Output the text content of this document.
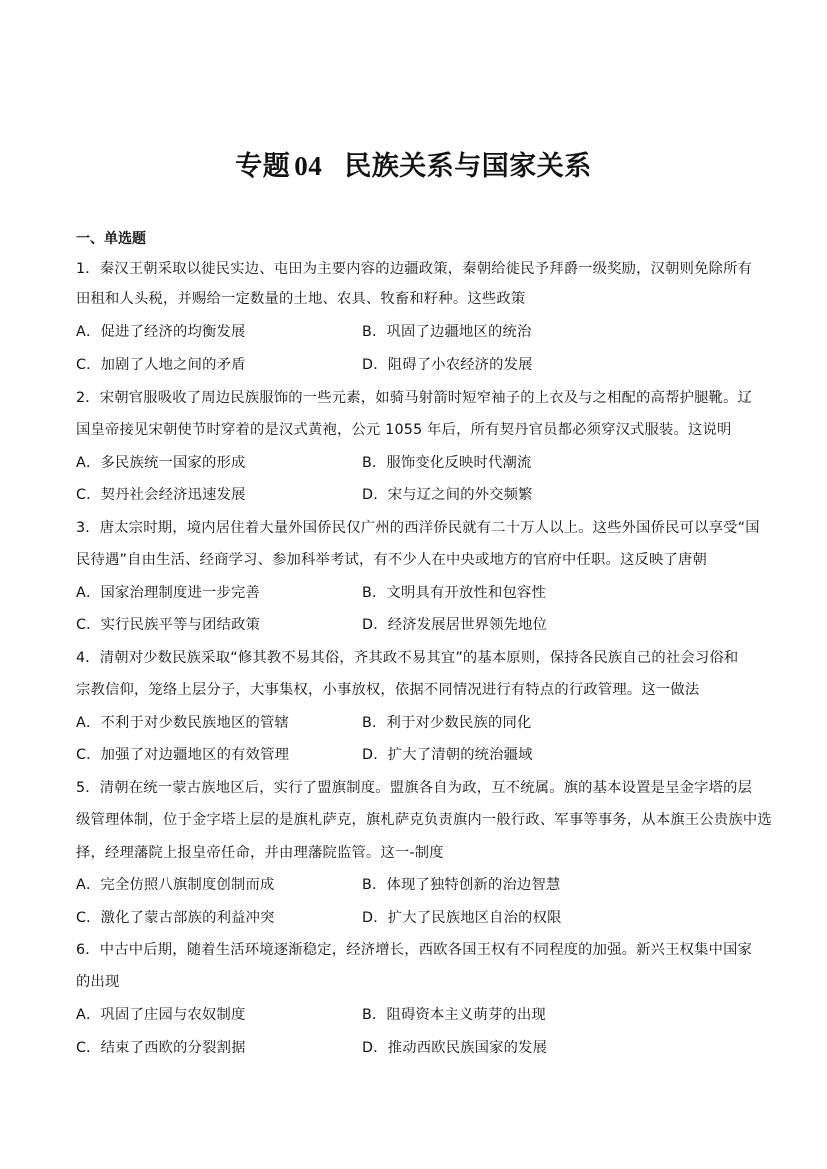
专题 04 民族关系与国家关系
一、单选题
1．秦汉王朝采取以徙民实边、屯田为主要内容的边疆政策，秦朝给徙民予拜爵一级奖励，汉朝则免除所有
田租和人头税，并赐给一定数量的土地、农具、牧畜和籽种。这些政策
A．促进了经济的均衡发展	B．巩固了边疆地区的统治
C．加剧了人地之间的矛盾	D．阻碍了小农经济的发展
2．宋朝官服吸收了周边民族服饰的一些元素，如骑马射箭时短窄袖子的上衣及与之相配的高帮护腿靴。辽
国皇帝接见宋朝使节时穿着的是汉式黄袍，公元 1055 年后，所有契丹官员都必须穿汉式服装。这说明
A．多民族统一国家的形成	B．服饰变化反映时代潮流
C．契丹社会经济迅速发展	D．宋与辽之间的外交频繁
3．唐太宗时期，境内居住着大量外国侨民仅广州的西洋侨民就有二十万人以上。这些外国侨民可以享受“国
民待遇”自由生活、经商学习、参加科举考试，有不少人在中央或地方的官府中任职。这反映了唐朝
A．国家治理制度进一步完善	B．文明具有开放性和包容性
C．实行民族平等与团结政策	D．经济发展居世界领先地位
4．清朝对少数民族采取“修其教不易其俗，齐其政不易其宜”的基本原则，保持各民族自己的社会习俗和
宗教信仰，笼络上层分子，大事集权，小事放权，依据不同情况进行有特点的行政管理。这一做法
A．不利于对少数民族地区的管辖	B．利于对少数民族的同化
C．加强了对边疆地区的有效管理	D．扩大了清朝的统治疆域
5．清朝在统一蒙古族地区后，实行了盟旗制度。盟旗各自为政，互不统属。旗的基本设置是呈金字塔的层
级管理体制，位于金字塔上层的是旗札萨克，旗札萨克负责旗内一般行政、军事等事务，从本旗王公贵族中选
择，经理藩院上报皇帝任命，并由理藩院监管。这一-制度
A．完全仿照八旗制度创制而成	B．体现了独特创新的治边智慧
C．激化了蒙古部族的利益冲突	D．扩大了民族地区自治的权限
6．中古中后期，随着生活环境逐渐稳定，经济增长，西欧各国王权有不同程度的加强。新兴王权集中国家
的出现
A．巩固了庄园与农奴制度	B．阻碍资本主义萌芽的出现
C．结束了西欧的分裂割据	D．推动西欧民族国家的发展
